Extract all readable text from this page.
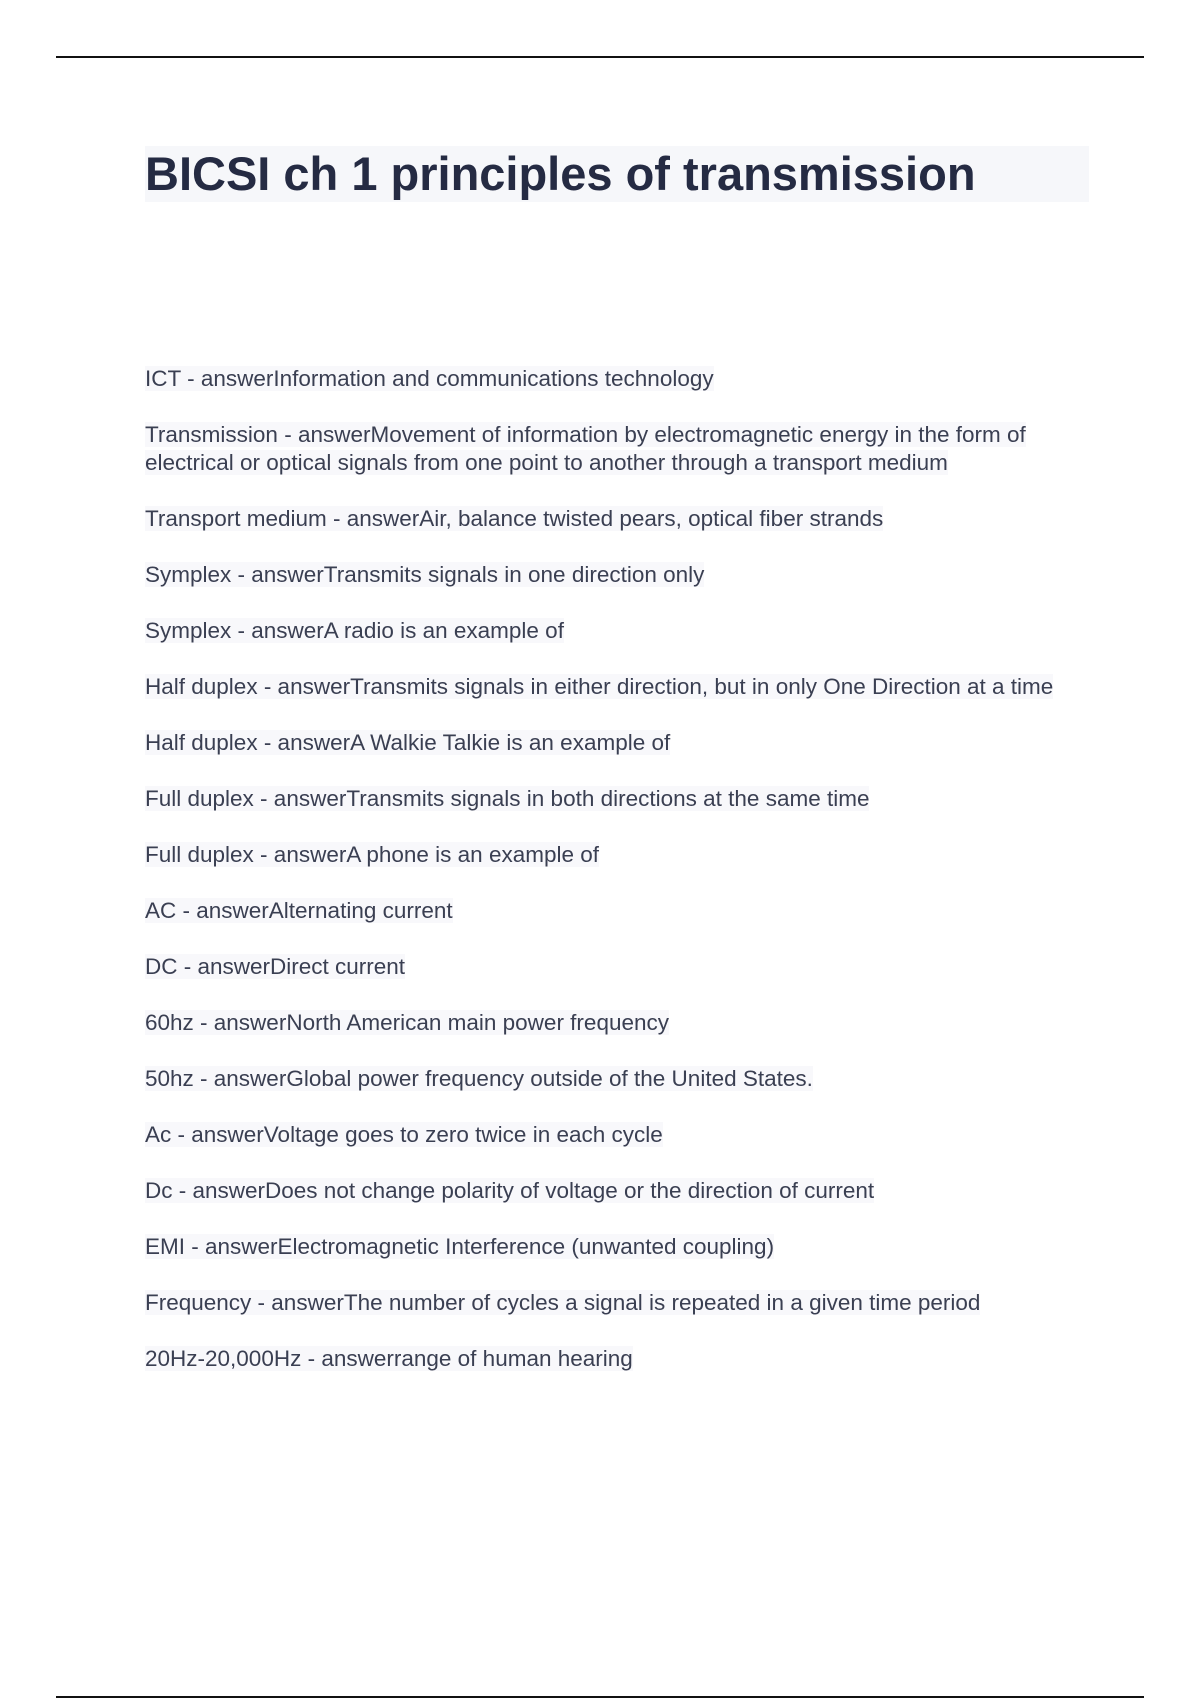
BICSI ch 1 principles of transmission
ICT - answerInformation and communications technology
Transmission - answerMovement of information by electromagnetic energy in the form of electrical or optical signals from one point to another through a transport medium
Transport medium - answerAir, balance twisted pears, optical fiber strands
Symplex - answerTransmits signals in one direction only
Symplex - answerA radio is an example of
Half duplex - answerTransmits signals in either direction, but in only One Direction at a time
Half duplex - answerA Walkie Talkie is an example of
Full duplex - answerTransmits signals in both directions at the same time
Full duplex - answerA phone is an example of
AC - answerAlternating current
DC - answerDirect current
60hz - answerNorth American main power frequency
50hz - answerGlobal power frequency outside of the United States.
Ac - answerVoltage goes to zero twice in each cycle
Dc - answerDoes not change polarity of voltage or the direction of current
EMI - answerElectromagnetic Interference (unwanted coupling)
Frequency - answerThe number of cycles a signal is repeated in a given time period
20Hz-20,000Hz - answerrange of human hearing
